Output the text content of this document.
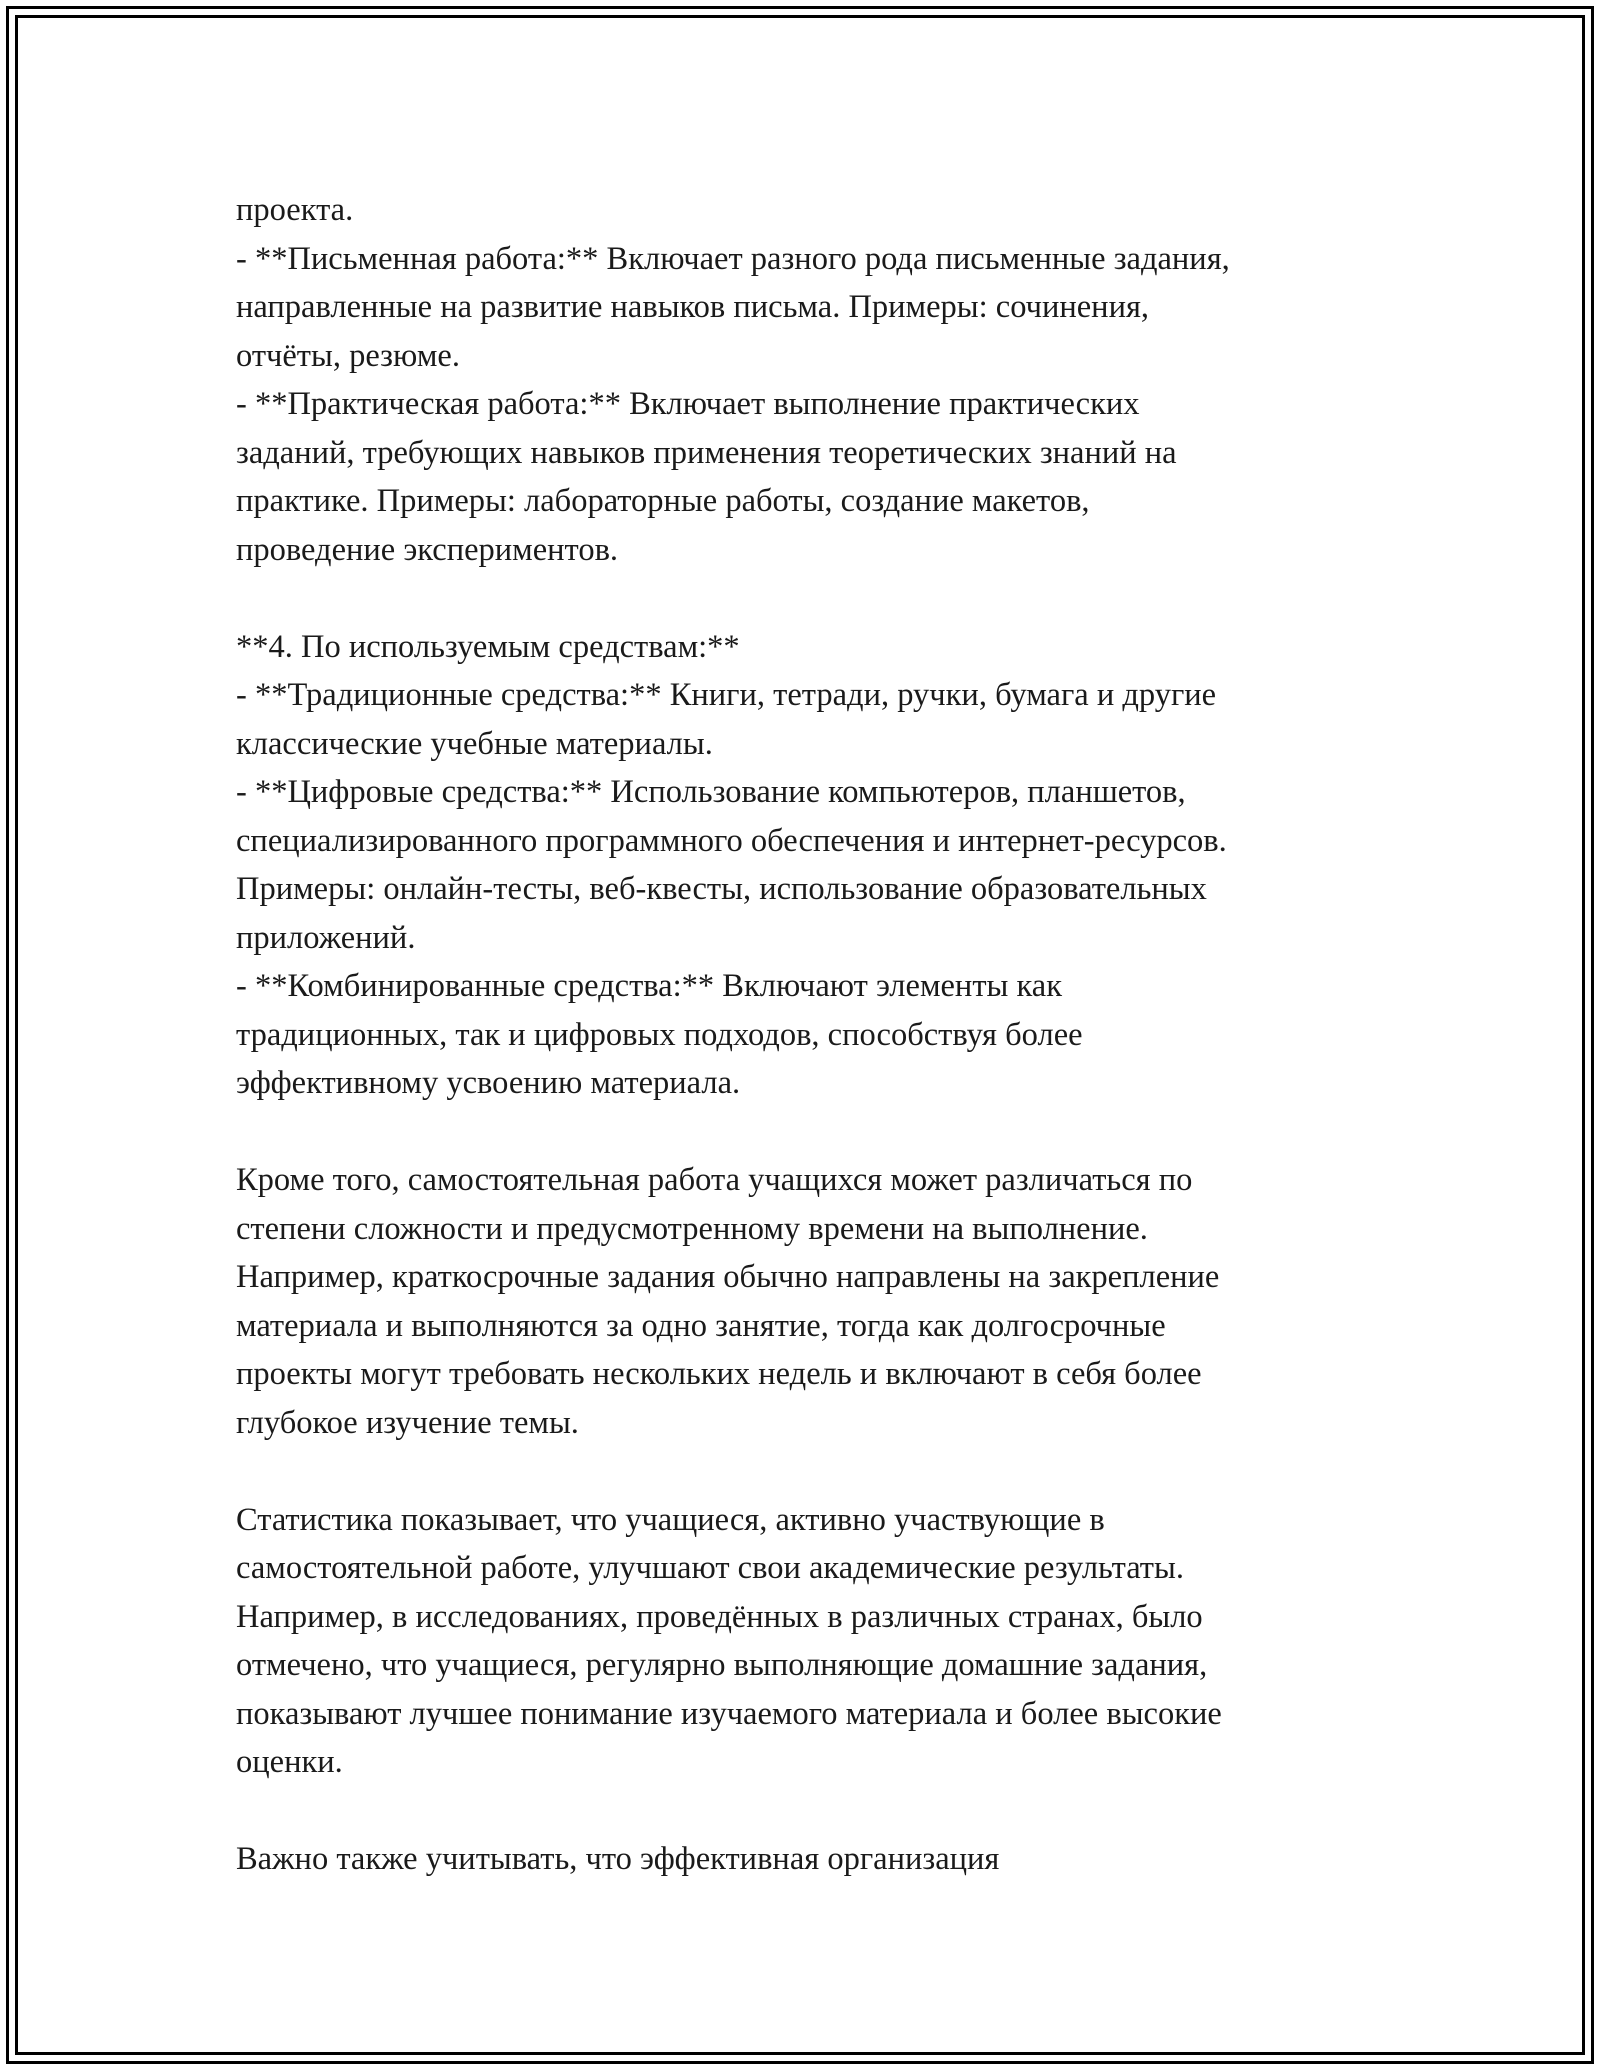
проекта.
- **Письменная работа:** Включает разного рода письменные задания,
направленные на развитие навыков письма. Примеры: сочинения,
отчёты, резюме.
- **Практическая работа:** Включает выполнение практических
заданий, требующих навыков применения теоретических знаний на
практике. Примеры: лабораторные работы, создание макетов,
проведение экспериментов.
**4. По используемым средствам:**
- **Традиционные средства:** Книги, тетради, ручки, бумага и другие
классические учебные материалы.
- **Цифровые средства:** Использование компьютеров, планшетов,
специализированного программного обеспечения и интернет-ресурсов.
Примеры: онлайн-тесты, веб-квесты, использование образовательных
приложений.
- **Комбинированные средства:** Включают элементы как
традиционных, так и цифровых подходов, способствуя более
эффективному усвоению материала.
Кроме того, самостоятельная работа учащихся может различаться по
степени сложности и предусмотренному времени на выполнение.
Например, краткосрочные задания обычно направлены на закрепление
материала и выполняются за одно занятие, тогда как долгосрочные
проекты могут требовать нескольких недель и включают в себя более
глубокое изучение темы.
Статистика показывает, что учащиеся, активно участвующие в
самостоятельной работе, улучшают свои академические результаты.
Например, в исследованиях, проведённых в различных странах, было
отмечено, что учащиеся, регулярно выполняющие домашние задания,
показывают лучшее понимание изучаемого материала и более высокие
оценки.
Важно также учитывать, что эффективная организация
